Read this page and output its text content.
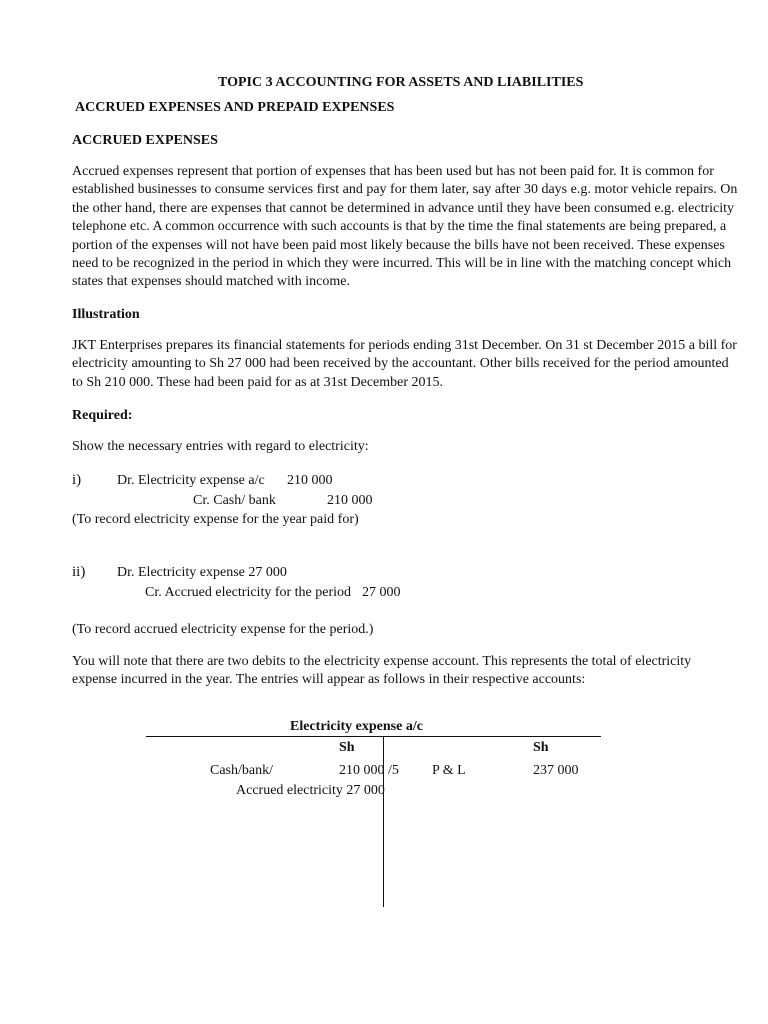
TOPIC 3 ACCOUNTING FOR ASSETS AND LIABILITIES
ACCRUED EXPENSES AND PREPAID EXPENSES
ACCRUED EXPENSES
Accrued expenses represent that portion of expenses that has been used but has not been paid for. It is common for
established businesses to consume services first and pay for them later, say after 30 days e.g. motor vehicle repairs. On
the other hand, there are expenses that cannot be determined in advance until they have been consumed e.g. electricity
telephone etc. A common occurrence with such accounts is that by the time the final statements are being prepared, a
portion of the expenses will not have been paid most likely because the bills have not been received. These expenses
need to be recognized in the period in which they were incurred. This will be in line with the matching concept which
states that expenses should matched with income.
Illustration
JKT Enterprises prepares its financial statements for periods ending 31st December. On 31 st December 2015 a bill for
electricity amounting to Sh 27 000 had been received by the accountant. Other bills received for the period amounted
to Sh 210 000. These had been paid for as at 31st December 2015.
Required:
Show the necessary entries with regard to electricity:
i)	Dr. Electricity expense a/c 210 000
Cr. Cash/ bank	210 000
(To record electricity expense for the year paid for)
ii) Dr. Electricity expense 27 000
Cr. Accrued electricity for the period 27 000
(To record accrued electricity expense for the period.)
You will note that there are two debits to the electricity expense account. This represents the total of electricity
expense incurred in the year. The entries will appear as follows in their respective accounts:
Electricity expense a/c
Sh	Sh
Cash/bank/	210 000 /5 P & L	237 000
Accrued electricity 27 000
